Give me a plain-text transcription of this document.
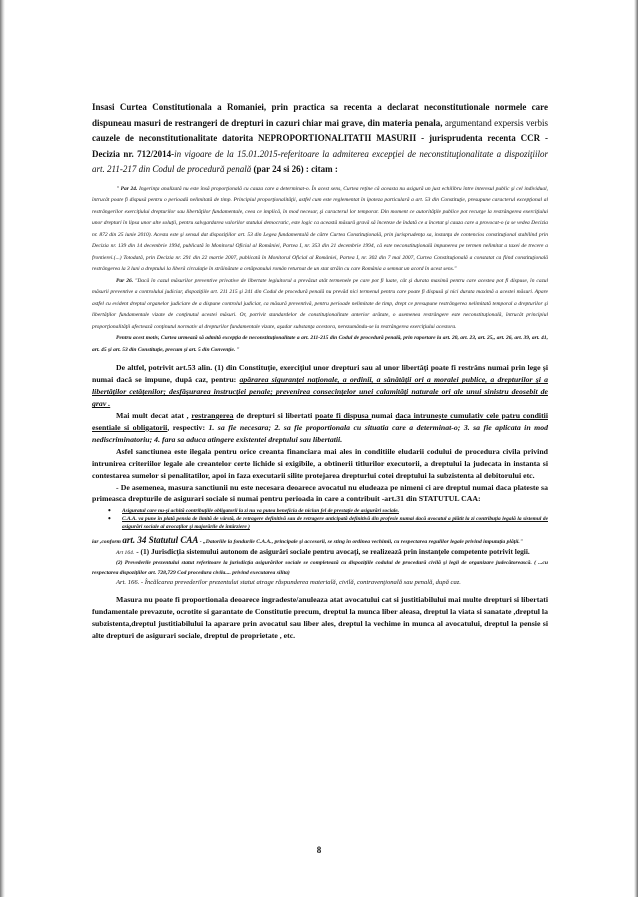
Insasi Curtea Constitutionala a Romaniei, prin practica sa recenta a declarat neconstitutionale normele care dispuneau masuri de restrangeri de drepturi in cazuri chiar mai grave, din materia penala, argumentand expersis verbis cauzele de neconstitutionalitate datorita NEPROPORTIONALITATII MASURII - jurisprudenta recenta CCR -Decizia nr. 712/2014-in vigoare de la 15.01.2015-referitoare la admiterea excepţiei de neconstituţionalitate a dispoziţiilor art. 211-217 din Codul de procedură penală (par 24 si 26) : citam :

" Par 24. Ingerinţa analizată nu este însă proporţională cu cauza care a determinat-o. În acest sens, Curtea reţine că aceasta nu asigură un just echilibru între interesul public şi cel individual, întrucât poate fi dispusă pentru o perioadă nelimitată de timp. Principiul proporţionalităţii, astfel cum este reglementat în ipoteza particulară a art. 53 din Constituţie, presupune caracterul excepţional al restrângerilor exerciţiului drepturilor sau libertăţilor fundamentale, ceea ce implică, în mod necesar, şi caracterul lor temporar. Din moment ce autorităţile publice pot recurge la restrângerea exerciţiului unor drepturi în lipsa unor alte soluţii, pentru salvgardarea valorilor statului democratic, este logic ca această măsură gravă să înceteze de îndată ce a încetat şi cauza care a provocat-o (a se vedea Decizia nr. 872 din 25 iunie 2010). Acesta este şi sensul dat dispoziţiilor art. 53 din Legea fundamentală de către Curtea Constituţională, prin jurisprudenţa sa, instanţa de contencios constituţional stabilind prin Decizia nr. 139 din 14 decembrie 1994, publicată în Monitorul Oficial al României, Partea I, nr. 353 din 21 decembrie 1994, că este neconstituţională impunerea pe termen nelimitat a taxei de trecere a frontierei.(...) Totodată, prin Decizia nr. 291 din 22 martie 2007, publicată în Monitorul Oficial al României, Partea I, nr. 302 din 7 mai 2007, Curtea Constituţională a constatat ca fiind constituţională restrângerea la 3 luni a dreptului la liberă circulaţie în străinătate a cetăţeanului român returnat de un stat străin cu care România a semnat un acord în acest sens."

Par 26. "Dacă în cazul măsurilor preventive privative de libertate legiuitorul a prevăzut atât termenele pe care pot fi luate, cât şi durata maximă pentru care acestea pot fi dispuse, în cazul măsurii preventive a controlului judiciar, dispoziţiile art. 211 215 şi 241 din Codul de procedură penală nu prevăd nici termenul pentru care poate fi dispusă şi nici durata maximă a acestei măsuri. Apare astfel cu evident dreptul organelor judiciare de a dispune controlul judiciar, ca măsură preventivă, pentru perioade nelimitate de timp, drept ce presupune restrângerea nelimitată temporal a drepturilor şi libertăţilor fundamentale vizate de conţinutul acestei măsuri. Or, potrivit standardelor de constituţionalitate anterior arătate, o asemenea restrângere este neconstituţională, întrucât principiul proporţionalităţii afectează conţinutul normativ al drepturilor fundamentale vizate, aşadar substanţa acestora, nerezumându-se la restrângerea exerciţiului acestora.

Pentru acest motiv, Curtea urmează să admită excepţia de neconstituţionalitate a art. 211-215 din Codul de procedură penală, prin raportare la art. 20, art. 23, art. 25,, art. 26, art. 39, art. 41, art. 45 şi art. 53 din Constituţie, precum şi art. 5 din Convenţie. "

De altfel, potrivit art.53 alin. (1) din Constituţie, exerciţiul unor drepturi sau al unor libertăţi poate fi restrâns numai prin lege şi numai dacă se impune, după caz, pentru: apărarea siguranţei naţionale, a ordinii, a sănătăţii ori a moralei publice, a drepturilor şi a libertăţilor cetăţenilor; desfăşurarea instrucţiei penale; prevenirea consecinţelor unei calamităţi naturale ori ale unui sinistru deosebit de grav .

Mai mult decat atat , restrangerea de drepturi si libertati poate fi dispusa numai daca intrunește cumulativ cele patru conditii esentiale si obligatorii, respectiv: 1. sa fie necesara; 2. sa fie proportionala cu situatia care a determinat-o; 3. sa fie aplicata in mod nediscriminatoriu; 4. fara sa aduca atingere existentei dreptului sau libertatii.

Asfel sanctiunea este ilegala pentru orice creanta financiara mai ales in conditiile eludarii codului de procedura civila privind intrunirea criteriilor legale ale creantelor certe lichide si exigibile, a obtinerii titlurilor executorii, a dreptului la judecata in instanta si contestarea sumelor si penalitatilor, apoi in faza executarii silite protejarea drepturlui cotei dreptului la subzistenta al debitorului etc.

- De asemenea, masura sanctiunii nu este necesara deoarece avocatul nu eludeaza pe nimeni ci are dreptul numai daca plateste sa primeasca drepturile de asigurari sociale si numai pentru perioada in care a contribuit -art.31 din STATUTUL CAA:

• Asiguratul care nu-şi achită contribuţiile obligatorii la zi nu va putea beneficia de niciun fel de prestaţie de asigurări sociale.
• C.A.A. va pune în plată pensia de limită de vârstă, de retragere definitivă sau de retragere anticipată definitivă din profesie numai dacă avocatul a plătit la zi contribuţia legală la sistemul de asigurări sociale al avocaţilor şi majorările de întârziere )

iar ,conform art. 34 Statutul CAA - „Datoriile la fondurile C.A.A., principale şi accesorii, se sting în ordinea vechimii, cu respectarea regulilor legale privind imputaţia plăţii."

Art 164. - (1) Jurisdicţia sistemului autonom de asigurări sociale pentru avocaţi, se realizează prin instanţele competente potrivit legii.

(2) Prevederile prezentului statut referitoare la jurisdicţia asigurărilor sociale se completează cu dispoziţiile codului de procedură civilă şi legii de organizare judecătorească. ( ...cu respectarea dispoziţiilor art. 728,729 Cod procedura civila.... privind executarea silita)

Art. 166. - Încălcarea prevederilor prezentului statut atrage răspunderea materială, civilă, contravenţională sau penală, după caz.

Masura nu poate fi proportionala deoarece ingradeste/anuleaza atat avocatului cat si justitiabilului mai multe drepturi si libertati fundamentale prevazute, ocrotite si garantate de Constitutie precum, dreptul la munca liber aleasa, dreptul la viata si sanatate ,dreptul la subzistenta,dreptul justitiabilului la aparare prin avocatul sau liber ales, dreptul la vechime in munca al avocatului, dreptul la pensie si alte drepturi de asigurari sociale, dreptul de proprietate , etc.

8
